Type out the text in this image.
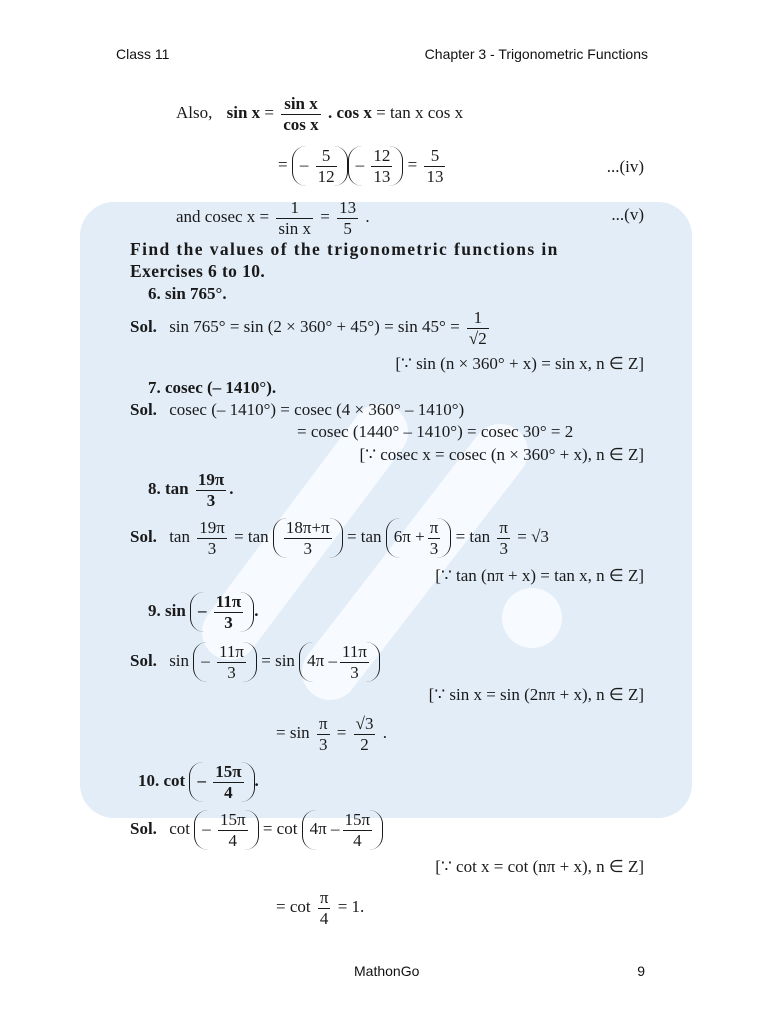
Class 11	Chapter 3 - Trigonometric Functions
Also, $\sin x = \frac{\text{sin x}}{\text{cos x}}$ . cos x = tan x cos x
= – $\frac{5}{12} - \frac{12}{13} = \frac{5}{13}$	...(iv)
and cosec $x = \frac{1}{\text{sin x}} = \frac{13}{5}$ .	...(v)
Find the values of the trigonometric functions in
Exercises 6 to 10.
6. sin 765°.
Sol. $\sin 765^\circ = \sin (2 \times 360^\circ + 45^\circ) = \sin 45^\circ = \frac{1}{√2}$
[∵ sin (n × 360° + x) = sin x, n ∈ Z]
7. cosec (– 1410°).
Sol. cosec (– 1410°) = cosec (4 × 360° – 1410°)
= cosec (1440° – 1410°) = cosec 30° = 2
[∵ cosec x = cosec (n × 360° + x), n ∈ Z]
8. $\tan \frac{19\pi}{3}$ .
Sol. $\tan \frac{19\pi}{3} = \tan \frac{18\pi+\pi}{3} = \tan 6\pi + \frac{\pi}{3} = \tan \frac{\pi}{3} = √3$
[∵ tan (nπ + x) = tan x, n ∈ Z]
9. sin – $\frac{11\pi}{3}$ .
Sol. $\sin - \frac{11\pi}{3} = \sin 4\pi - \frac{11\pi}{3}$
[∵ sin x = sin (2nπ + x), n ∈ Z]
= $\sin \frac{\pi}{3} = \frac{√3}{2}$ .
10. cot – $\frac{15\pi}{4}$ .
Sol. $\cot - \frac{15\pi}{4} = \cot 4\pi - \frac{15\pi}{4}$
[∵ cot x = cot (nπ + x), n ∈ Z]
= $\cot \frac{\pi}{4} = 1$.
MathonGo	9
